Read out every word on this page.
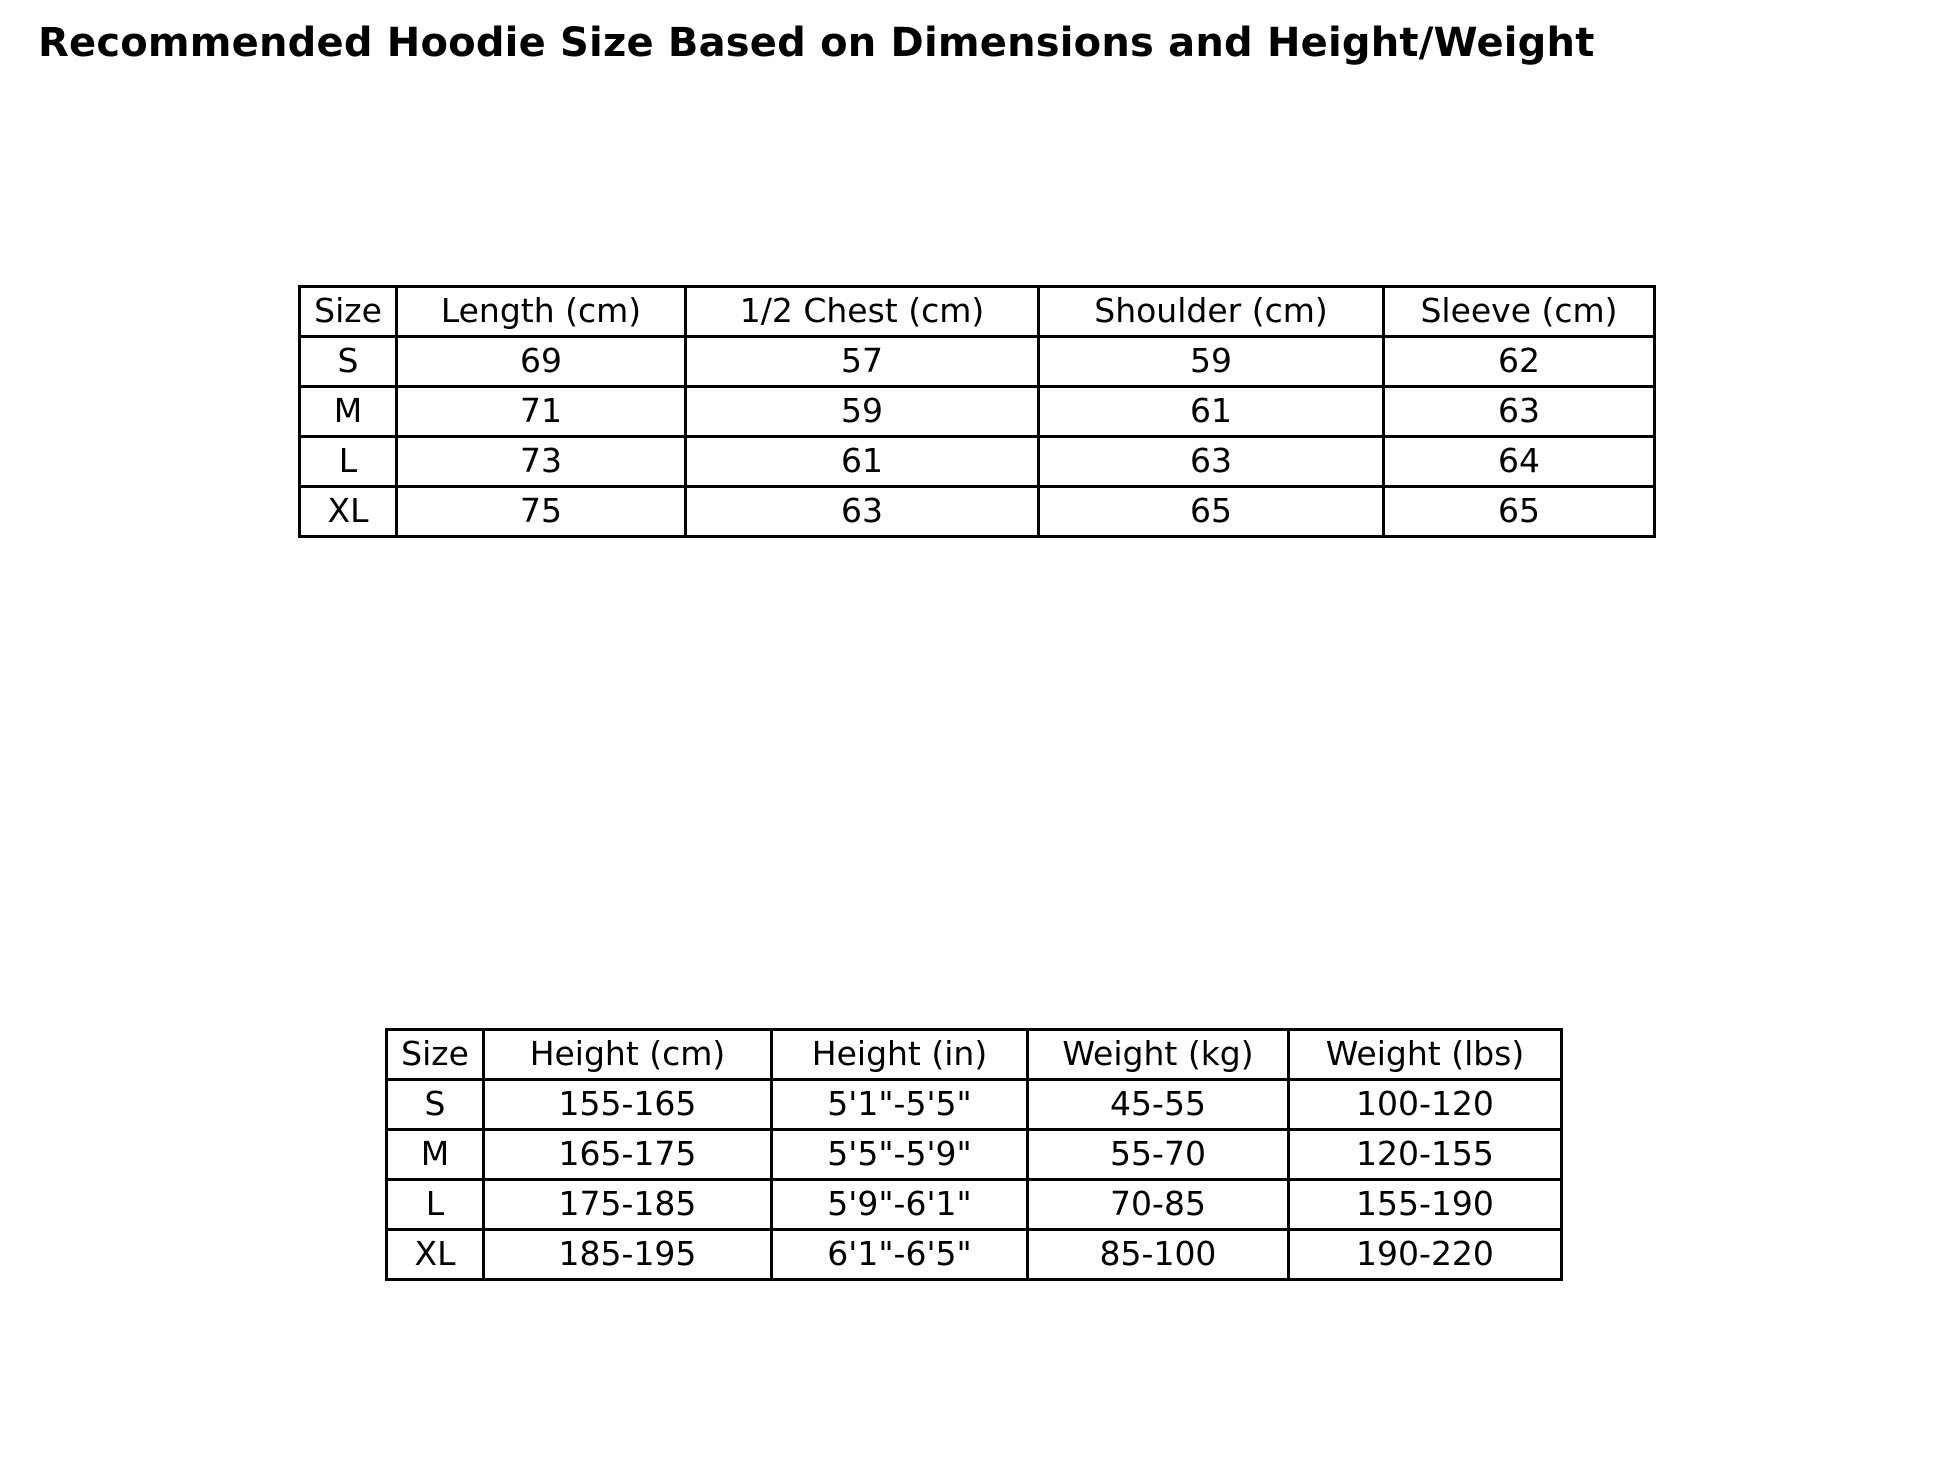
Recommended Hoodie Size Based on Dimensions and Height/Weight
Size	Length (cm)	1/2 Chest (cm)	Shoulder (cm)	Sleeve (cm)
S	69	57	59	62
M	71	59	61	63
L	73	61	63	64
XL	75	63	65	65
Size	Height (cm)	Height (in)	Weight (kg)	Weight (lbs)
S	155-165	5'1"-5'5"	45-55	100-120
M	165-175	5'5"-5'9"	55-70	120-155
L	175-185	5'9"-6'1"	70-85	155-190
XL	185-195	6'1"-6'5"	85-100	190-220
